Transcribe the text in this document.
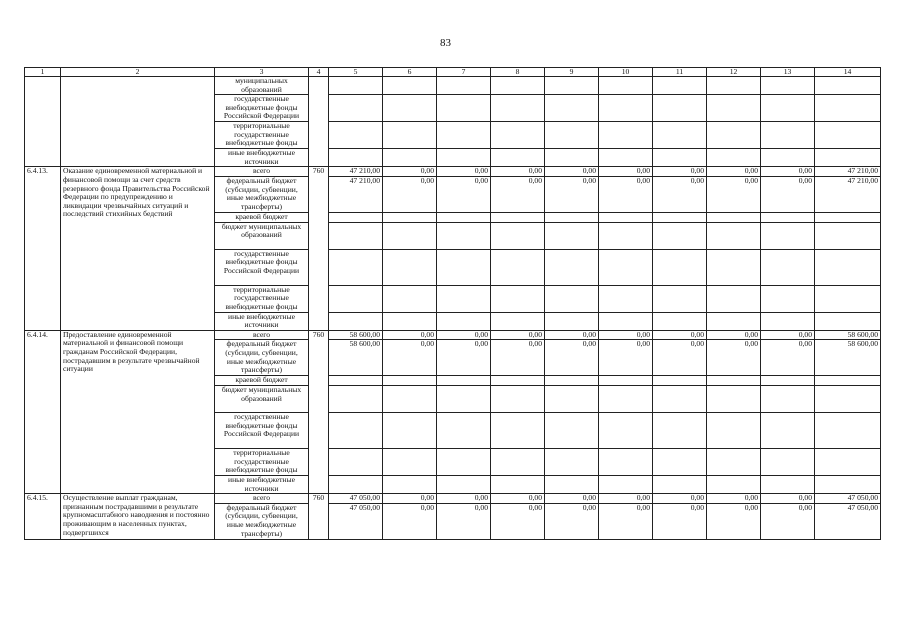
83
1	2	3	4	5	6	7	8	9	10	11	12	13	14
		муниципальных образований											
		государственные внебюджетные фонды Российской Федерации											
		территориальные государственные внебюджетные фонды											
		иные внебюджетные источники											
6.4.13.	Оказание единовременной материальной и финансовой помощи за счет средств резервного фонда Правительства Российской Федерации по предупреждению и ликвидации чрезвычайных ситуаций и последствий стихийных бедствий	всего	760	47 210,00	0,00	0,00	0,00	0,00	0,00	0,00	0,00	0,00	47 210,00
		федеральный бюджет (субсидии, субвенции, иные межбюджетные трансферты)		47 210,00	0,00	0,00	0,00	0,00	0,00	0,00	0,00	0,00	47 210,00
		краевой бюджет											
		бюджет муниципальных образований											
		государственные внебюджетные фонды Российской Федерации											
		территориальные государственные внебюджетные фонды											
		иные внебюджетные источники											
6.4.14.	Предоставление единовременной материальной и финансовой помощи гражданам Российской Федерации, пострадавшим в результате чрезвычайной ситуации	всего	760	58 600,00	0,00	0,00	0,00	0,00	0,00	0,00	0,00	0,00	58 600,00
		федеральный бюджет (субсидии, субвенции, иные межбюджетные трансферты)		58 600,00	0,00	0,00	0,00	0,00	0,00	0,00	0,00	0,00	58 600,00
		краевой бюджет											
		бюджет муниципальных образований											
		государственные внебюджетные фонды Российской Федерации											
		территориальные государственные внебюджетные фонды											
		иные внебюджетные источники											
6.4.15.	Осуществление выплат гражданам, признанным пострадавшими в результате крупномасштабного наводнения и постоянно проживающим в населенных пунктах, подвергшихся	всего	760	47 050,00	0,00	0,00	0,00	0,00	0,00	0,00	0,00	0,00	47 050,00
		федеральный бюджет (субсидии, субвенции, иные межбюджетные трансферты)		47 050,00	0,00	0,00	0,00	0,00	0,00	0,00	0,00	0,00	47 050,00
